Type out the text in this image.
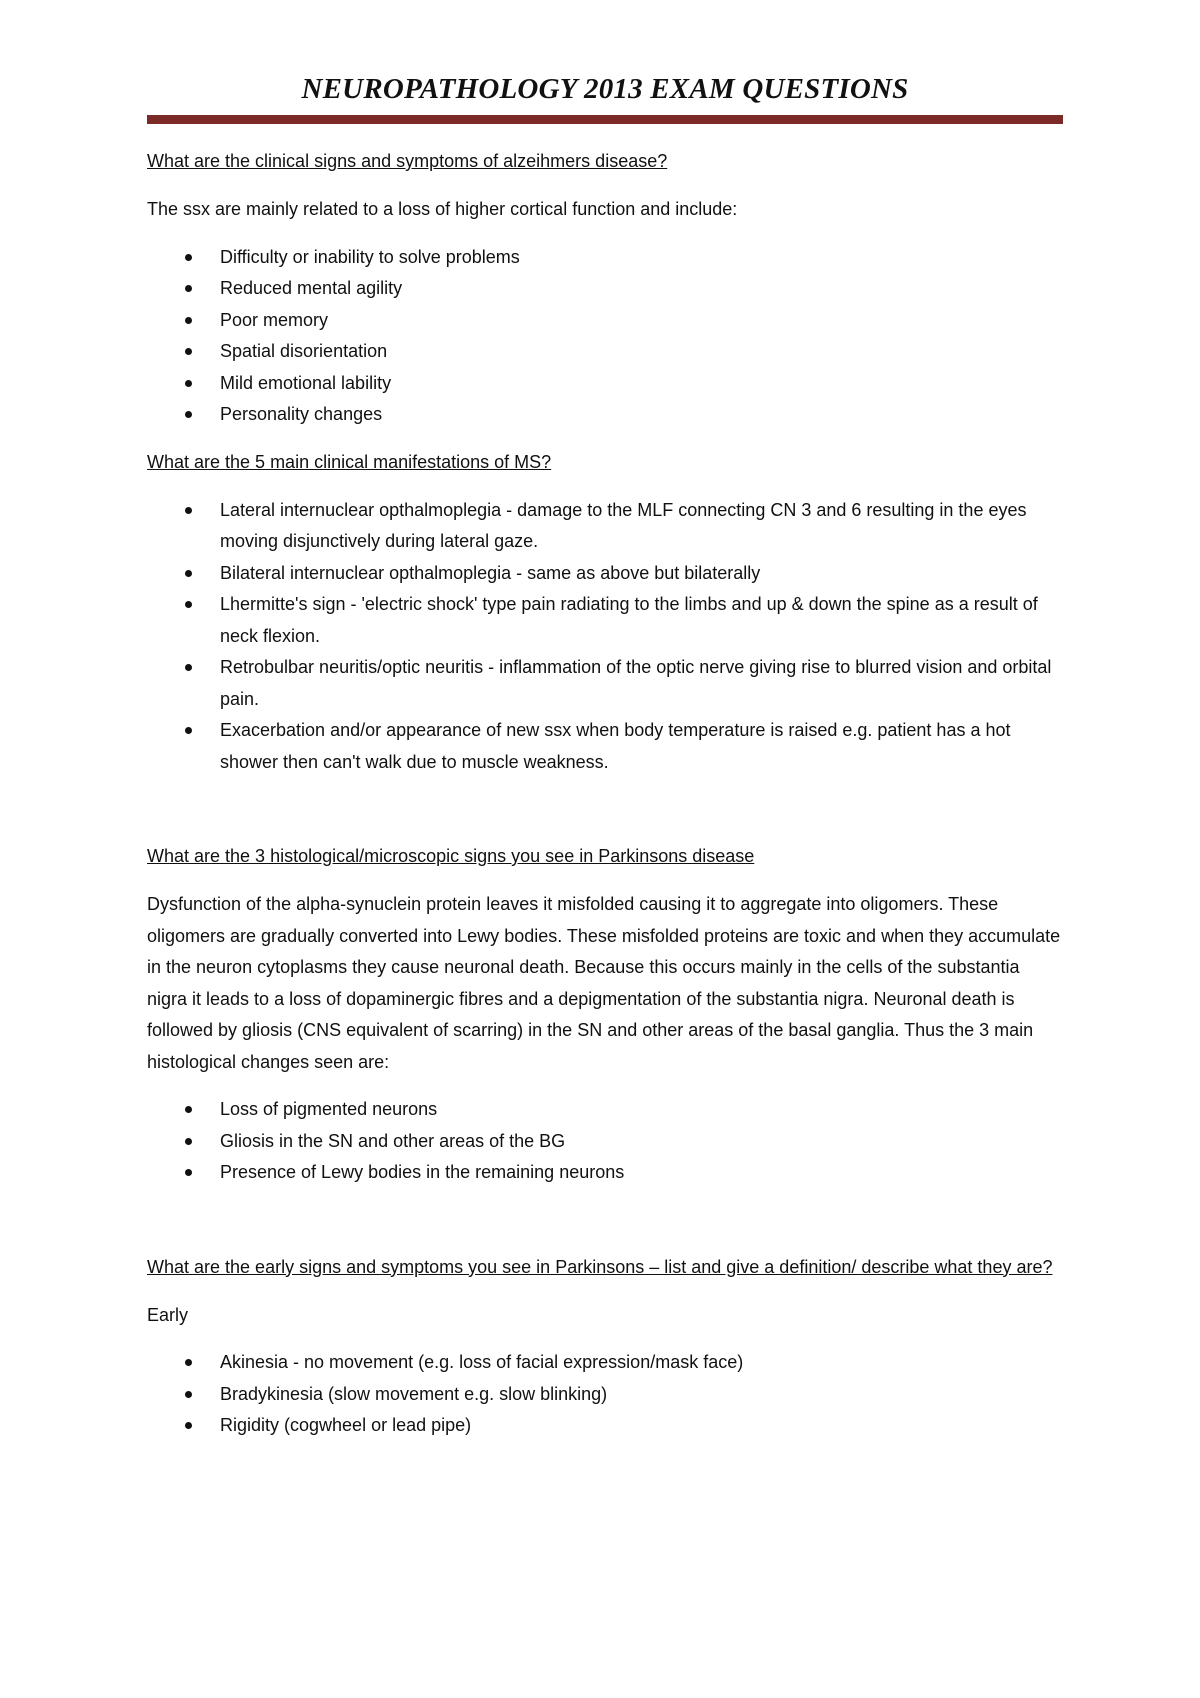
NEUROPATHOLOGY 2013 EXAM QUESTIONS

What are the clinical signs and symptoms of alzeihmers disease?

The ssx are mainly related to a loss of higher cortical function and include:

Difficulty or inability to solve problems
Reduced mental agility
Poor memory
Spatial disorientation
Mild emotional lability
Personality changes

What are the 5 main clinical manifestations of MS?

Lateral internuclear opthalmoplegia - damage to the MLF connecting CN 3 and 6 resulting in the eyes moving disjunctively during lateral gaze.
Bilateral internuclear opthalmoplegia - same as above but bilaterally
Lhermitte's sign - 'electric shock' type pain radiating to the limbs and up & down the spine as a result of neck flexion.
Retrobulbar neuritis/optic neuritis - inflammation of the optic nerve giving rise to blurred vision and orbital pain.
Exacerbation and/or appearance of new ssx when body temperature is raised e.g. patient has a hot shower then can't walk due to muscle weakness.

What are the 3 histological/microscopic signs you see in Parkinsons disease

Dysfunction of the alpha-synuclein protein leaves it misfolded causing it to aggregate into oligomers. These oligomers are gradually converted into Lewy bodies. These misfolded proteins are toxic and when they accumulate in the neuron cytoplasms they cause neuronal death. Because this occurs mainly in the cells of the substantia nigra it leads to a loss of dopaminergic fibres and a depigmentation of the substantia nigra. Neuronal death is followed by gliosis (CNS equivalent of scarring) in the SN and other areas of the basal ganglia. Thus the 3 main histological changes seen are:

Loss of pigmented neurons
Gliosis in the SN and other areas of the BG
Presence of Lewy bodies in the remaining neurons

What are the early signs and symptoms you see in Parkinsons – list and give a definition/ describe what they are?

Early

Akinesia - no movement (e.g. loss of facial expression/mask face)
Bradykinesia (slow movement e.g. slow blinking)
Rigidity (cogwheel or lead pipe)
